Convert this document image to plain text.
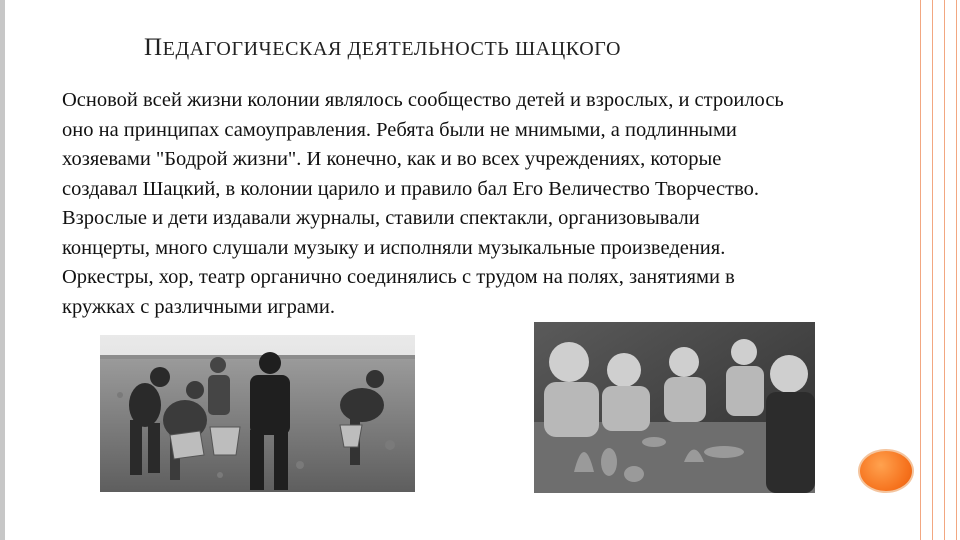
ПЕДАГОГИЧЕСКАЯ ДЕЯТЕЛЬНОСТЬ ШАЦКОГО
Основой всей жизни колонии являлось сообщество детей и взрослых, и строилось
оно на принципах самоуправления. Ребята были не мнимыми, а подлинными
хозяевами "Бодрой жизни". И конечно, как и во всех учреждениях, которые
создавал Шацкий, в колонии царило и правило бал Его Величество Творчество.
Взрослые и дети издавали журналы, ставили спектакли, организовывали
концерты, много слушали музыку и исполняли музыкальные произведения.
Оркестры, хор, театр органично соединялись с трудом на полях, занятиями в
кружках с различными играми.
